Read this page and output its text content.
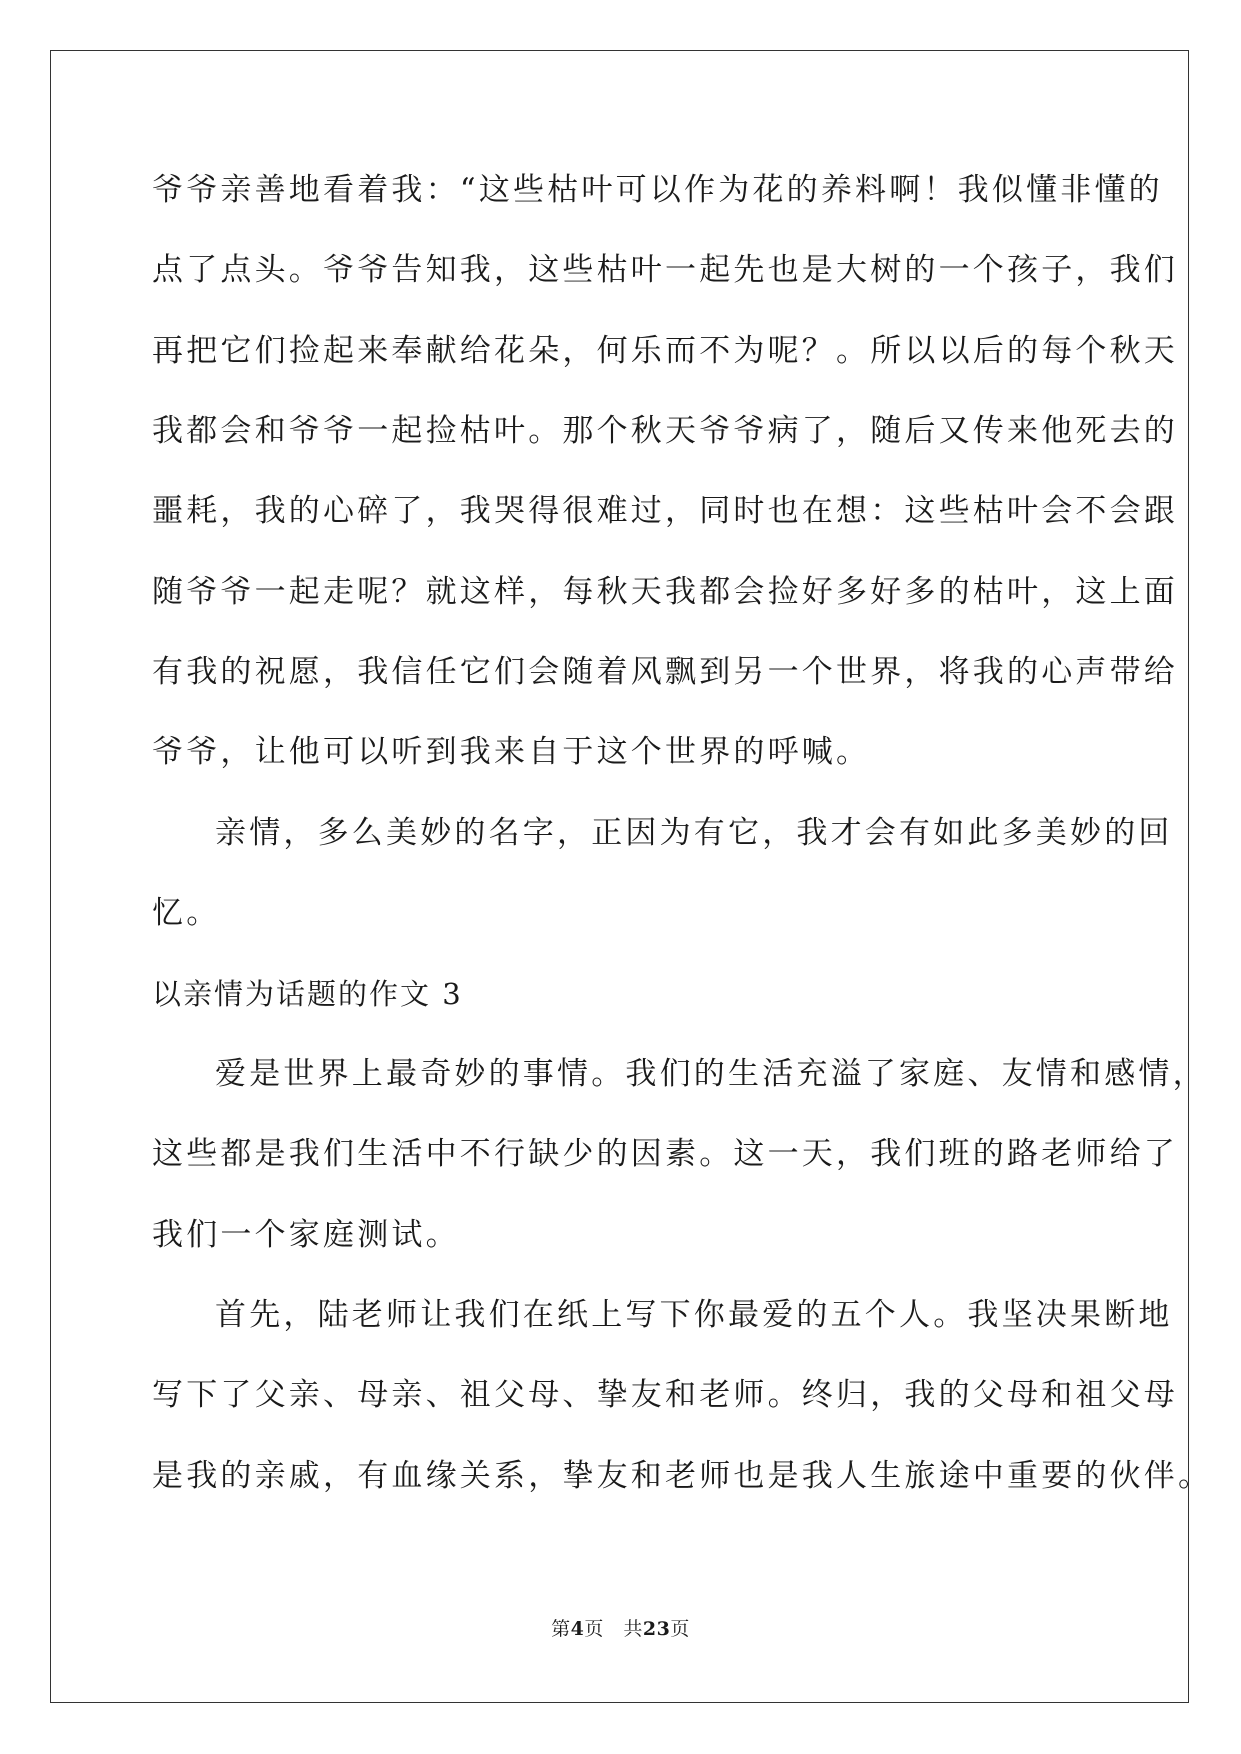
爷爷亲善地看着我：“这些枯叶可以作为花的养料啊！我似懂非懂的
点了点头。爷爷告知我，这些枯叶一起先也是大树的一个孩子，我们
再把它们捡起来奉献给花朵，何乐而不为呢？。所以以后的每个秋天
我都会和爷爷一起捡枯叶。那个秋天爷爷病了，随后又传来他死去的
噩耗，我的心碎了，我哭得很难过，同时也在想：这些枯叶会不会跟
随爷爷一起走呢？就这样，每秋天我都会捡好多好多的枯叶，这上面
有我的祝愿，我信任它们会随着风飘到另一个世界，将我的心声带给
爷爷，让他可以听到我来自于这个世界的呼喊。
亲情，多么美妙的名字，正因为有它，我才会有如此多美妙的回
忆。
以亲情为话题的作文 3
爱是世界上最奇妙的事情。我们的生活充溢了家庭、友情和感情，
这些都是我们生活中不行缺少的因素。这一天，我们班的路老师给了
我们一个家庭测试。
首先，陆老师让我们在纸上写下你最爱的五个人。我坚决果断地
写下了父亲、母亲、祖父母、挚友和老师。终归，我的父母和祖父母
是我的亲戚，有血缘关系，挚友和老师也是我人生旅途中重要的伙伴。
第4页　共23页
